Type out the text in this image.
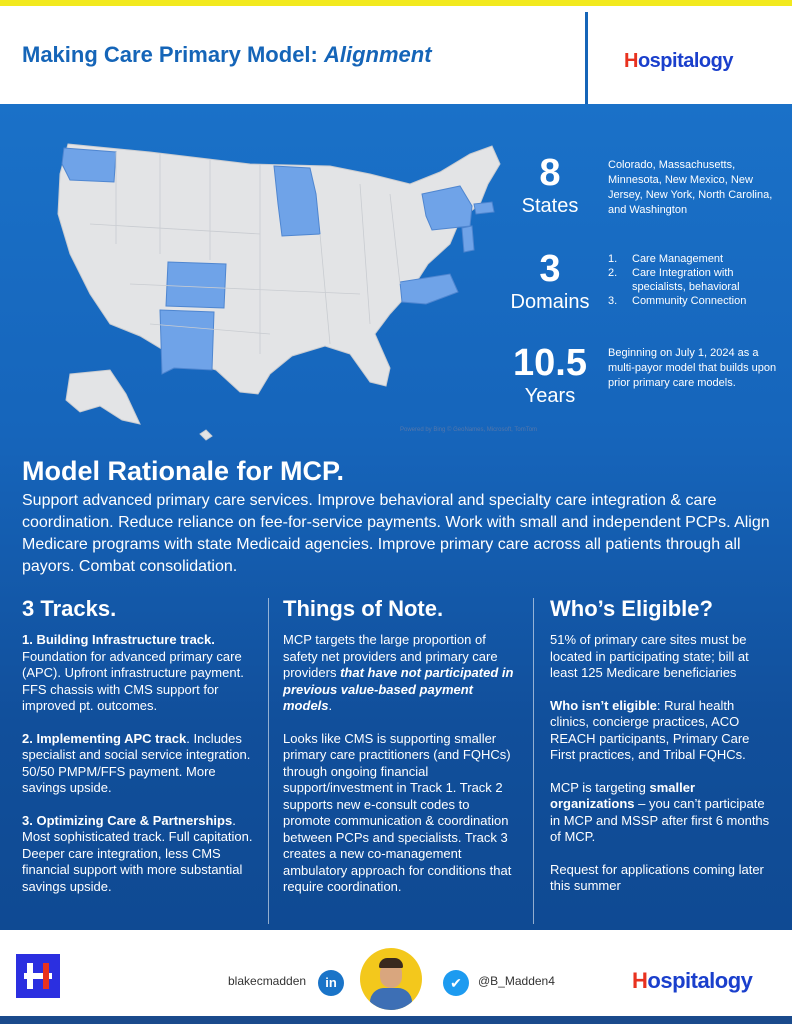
Making Care Primary Model: Alignment	Hospitalogy
Powered by Bing © GeoNames, Microsoft, TomTom
8
States
Colorado, Massachusetts, Minnesota, New Mexico, New Jersey, New York, North Carolina, and Washington
3
Domains
1. Care Management
2. Care Integration with specialists, behavioral
3. Community Connection
10.5
Years
Beginning on July 1, 2024 as a multi-payor model that builds upon prior primary care models.
Model Rationale for MCP.
Support advanced primary care services. Improve behavioral and specialty care integration & care coordination. Reduce reliance on fee-for-service payments. Work with small and independent PCPs. Align Medicare programs with state Medicaid agencies. Improve primary care across all patients through all payors. Combat consolidation.
3 Tracks.

1. Building Infrastructure track. Foundation for advanced primary care (APC). Upfront infrastructure payment. FFS chassis with CMS support for improved pt. outcomes.

2. Implementing APC track. Includes specialist and social service integration. 50/50 PMPM/FFS payment. More savings upside.

3. Optimizing Care & Partnerships. Most sophisticated track. Full capitation. Deeper care integration, less CMS financial support with more substantial savings upside.

Things of Note.

MCP targets the large proportion of safety net providers and primary care providers that have not participated in previous value-based payment models.

Looks like CMS is supporting smaller primary care practitioners (and FQHCs) through ongoing financial support/investment in Track 1. Track 2 supports new e-consult codes to promote communication & coordination between PCPs and specialists. Track 3 creates a new co-management ambulatory approach for conditions that require coordination.

Who’s Eligible?

51% of primary care sites must be located in participating state; bill at least 125 Medicare beneficiaries

Who isn’t eligible: Rural health clinics, concierge practices, ACO REACH participants, Primary Care First practices, and Tribal FQHCs.

MCP is targeting smaller organizations – you can’t participate in MCP and MSSP after first 6 months of MCP.

Request for applications coming later this summer

blakecmadden	in	✔	@B_Madden4	Hospitalogy
